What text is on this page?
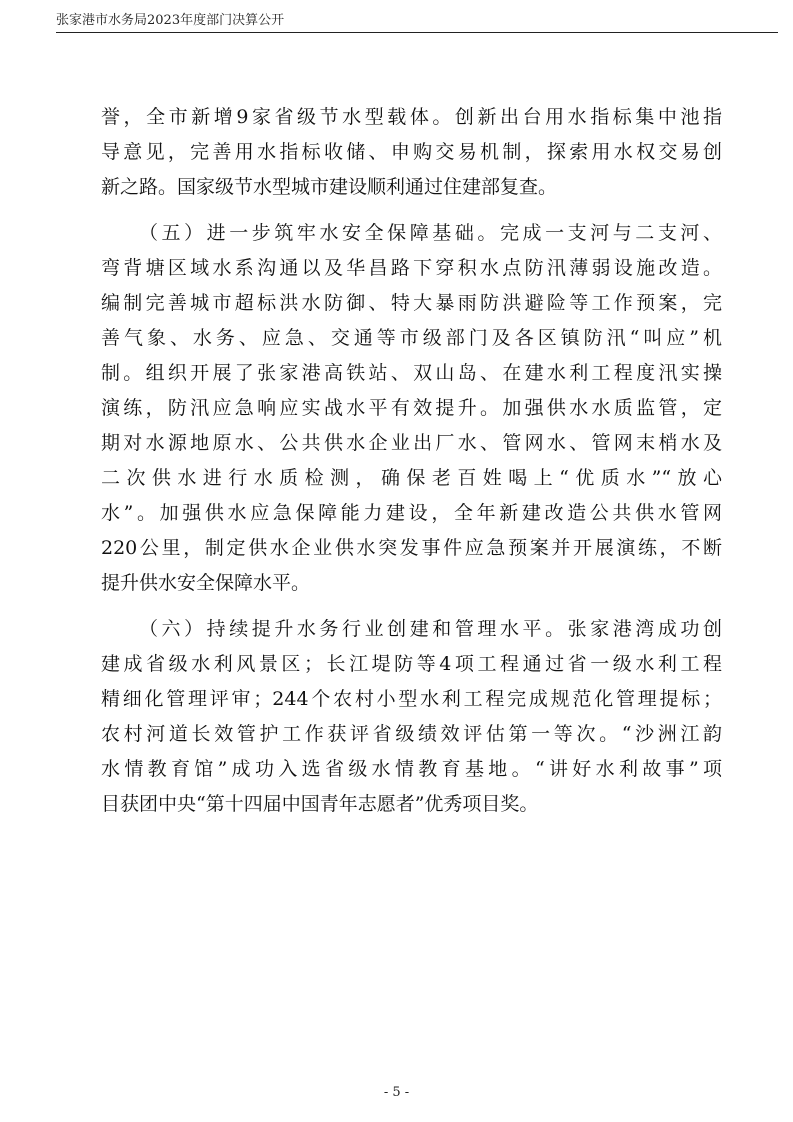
张家港市水务局2023年度部门决算公开
誉，全市新增9家省级节水型载体。创新出台用水指标集中池指
导意见，完善用水指标收储、申购交易机制，探索用水权交易创
新之路。国家级节水型城市建设顺利通过住建部复查。
（五）进一步筑牢水安全保障基础。完成一支河与二支河、
弯背塘区域水系沟通以及华昌路下穿积水点防汛薄弱设施改造。
编制完善城市超标洪水防御、特大暴雨防洪避险等工作预案，完
善气象、水务、应急、交通等市级部门及各区镇防汛“叫应”机
制。组织开展了张家港高铁站、双山岛、在建水利工程度汛实操
演练，防汛应急响应实战水平有效提升。加强供水水质监管，定
期对水源地原水、公共供水企业出厂水、管网水、管网末梢水及
二次供水进行水质检测，确保老百姓喝上“优质水”“放心
水”。加强供水应急保障能力建设，全年新建改造公共供水管网
220公里，制定供水企业供水突发事件应急预案并开展演练，不断
提升供水安全保障水平。
（六）持续提升水务行业创建和管理水平。张家港湾成功创
建成省级水利风景区；长江堤防等4项工程通过省一级水利工程
精细化管理评审；244个农村小型水利工程完成规范化管理提标；
农村河道长效管护工作获评省级绩效评估第一等次。“沙洲江韵
水情教育馆”成功入选省级水情教育基地。“讲好水利故事”项
目获团中央“第十四届中国青年志愿者”优秀项目奖。
- 5 -
